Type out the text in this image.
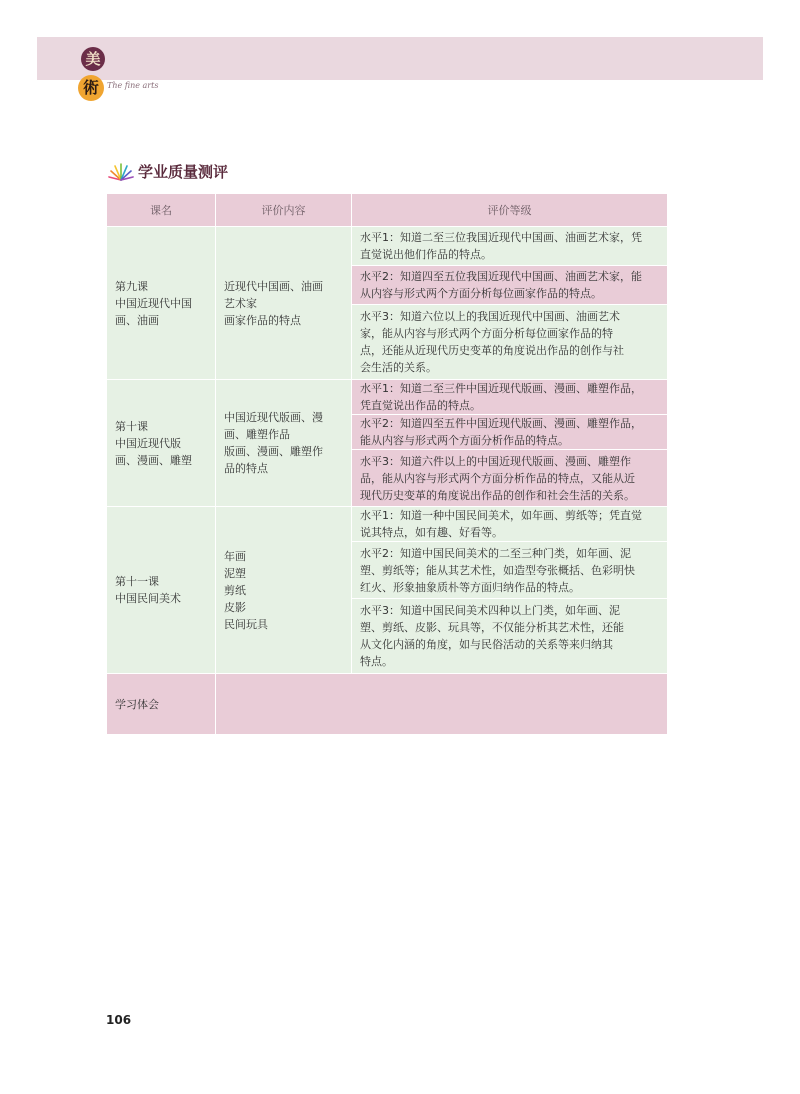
美
術	The fine arts
学业质量测评
课名	评价内容	评价等级

第九课
中国近现代中国
画、油画	近现代中国画、油画
艺术家
画家作品的特点	水平1：知道二至三位我国近现代中国画、油画艺术家，凭
直觉说出他们作品的特点。

		水平2：知道四至五位我国近现代中国画、油画艺术家，能
从内容与形式两个方面分析每位画家作品的特点。

		水平3：知道六位以上的我国近现代中国画、油画艺术
家，能从内容与形式两个方面分析每位画家作品的特
点，还能从近现代历史变革的角度说出作品的创作与社
会生活的关系。

第十课
中国近现代版
画、漫画、雕塑	中国近现代版画、漫
画、雕塑作品
版画、漫画、雕塑作
品的特点	水平1：知道二至三件中国近现代版画、漫画、雕塑作品，
凭直觉说出作品的特点。

		水平2：知道四至五件中国近现代版画、漫画、雕塑作品，
能从内容与形式两个方面分析作品的特点。

		水平3：知道六件以上的中国近现代版画、漫画、雕塑作
品，能从内容与形式两个方面分析作品的特点，又能从近
现代历史变革的角度说出作品的创作和社会生活的关系。

第十一课
中国民间美术	年画
泥塑
剪纸
皮影
民间玩具	水平1：知道一种中国民间美术，如年画、剪纸等；凭直觉
说其特点，如有趣、好看等。

		水平2：知道中国民间美术的二至三种门类，如年画、泥
塑、剪纸等；能从其艺术性，如造型夸张概括、色彩明快
红火、形象抽象质朴等方面归纳作品的特点。

		水平3：知道中国民间美术四种以上门类，如年画、泥
塑、剪纸、皮影、玩具等，不仅能分析其艺术性，还能
从文化内涵的角度，如与民俗活动的关系等来归纳其
特点。

学习体会		
106
